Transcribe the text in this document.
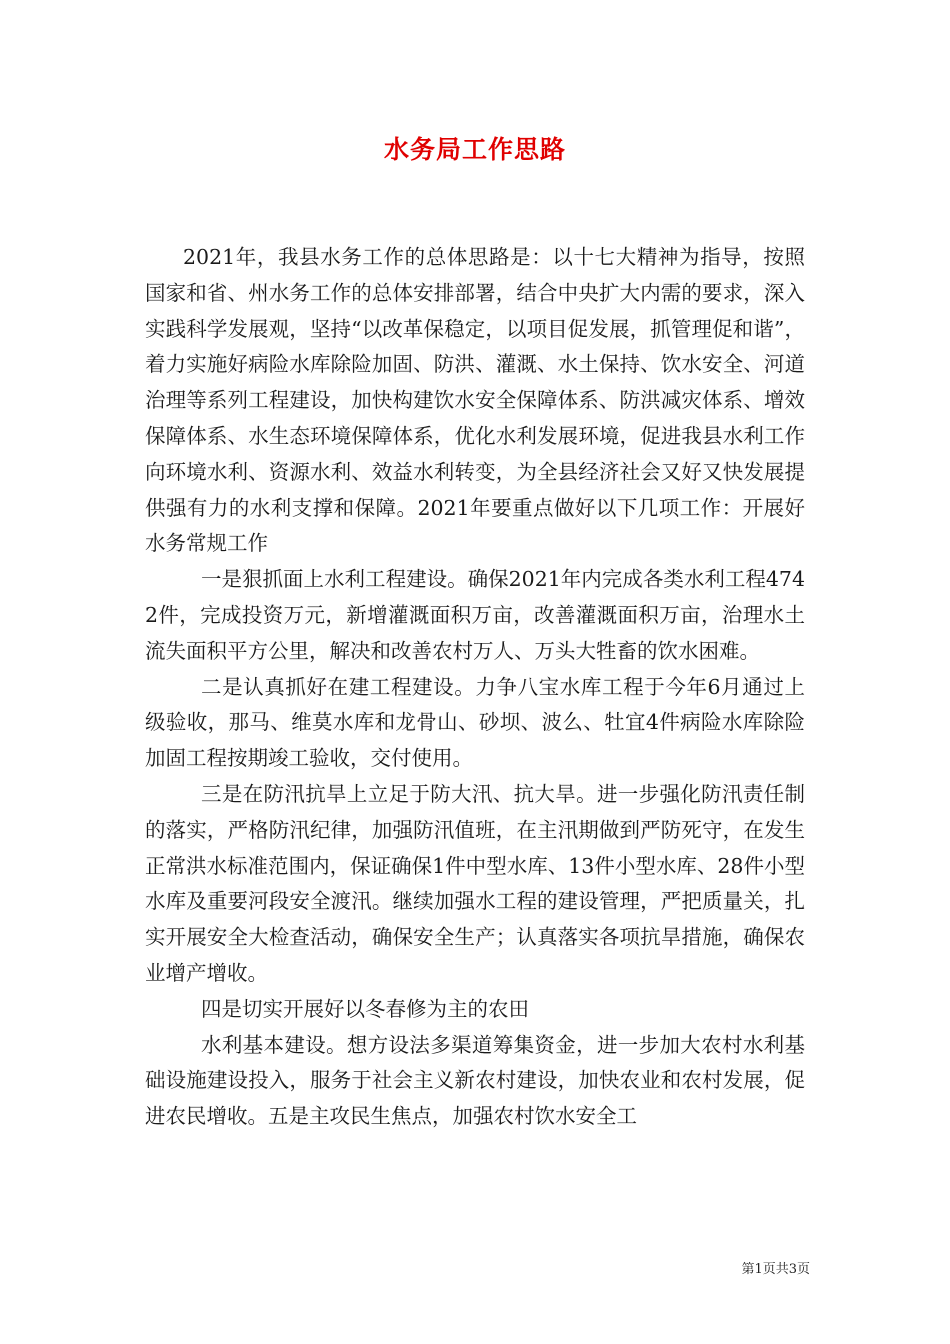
水务局工作思路

2021年，我县水务工作的总体思路是：以十七大精神为指导，按照国家和省、州水务工作的总体安排部署，结合中央扩大内需的要求，深入实践科学发展观，坚持“以改革保稳定，以项目促发展，抓管理促和谐”，着力实施好病险水库除险加固、防洪、灌溉、水土保持、饮水安全、河道治理等系列工程建设，加快构建饮水安全保障体系、防洪减灾体系、增效保障体系、水生态环境保障体系，优化水利发展环境，促进我县水利工作向环境水利、资源水利、效益水利转变，为全县经济社会又好又快发展提供强有力的水利支撑和保障。2021年要重点做好以下几项工作：开展好水务常规工作

一是狠抓面上水利工程建设。确保2021年内完成各类水利工程4742件，完成投资万元，新增灌溉面积万亩，改善灌溉面积万亩，治理水土流失面积平方公里，解决和改善农村万人、万头大牲畜的饮水困难。

二是认真抓好在建工程建设。力争八宝水库工程于今年6月通过上级验收，那马、维莫水库和龙骨山、砂坝、波么、牡宜4件病险水库除险加固工程按期竣工验收，交付使用。

三是在防汛抗旱上立足于防大汛、抗大旱。进一步强化防汛责任制的落实，严格防汛纪律，加强防汛值班，在主汛期做到严防死守，在发生正常洪水标准范围内，保证确保1件中型水库、13件小型水库、28件小型水库及重要河段安全渡汛。继续加强水工程的建设管理，严把质量关，扎实开展安全大检查活动，确保安全生产；认真落实各项抗旱措施，确保农业增产增收。

四是切实开展好以冬春修为主的农田

水利基本建设。想方设法多渠道筹集资金，进一步加大农村水利基础设施建设投入，服务于社会主义新农村建设，加快农业和农村发展，促进农民增收。五是主攻民生焦点，加强农村饮水安全工

第1页共3页
